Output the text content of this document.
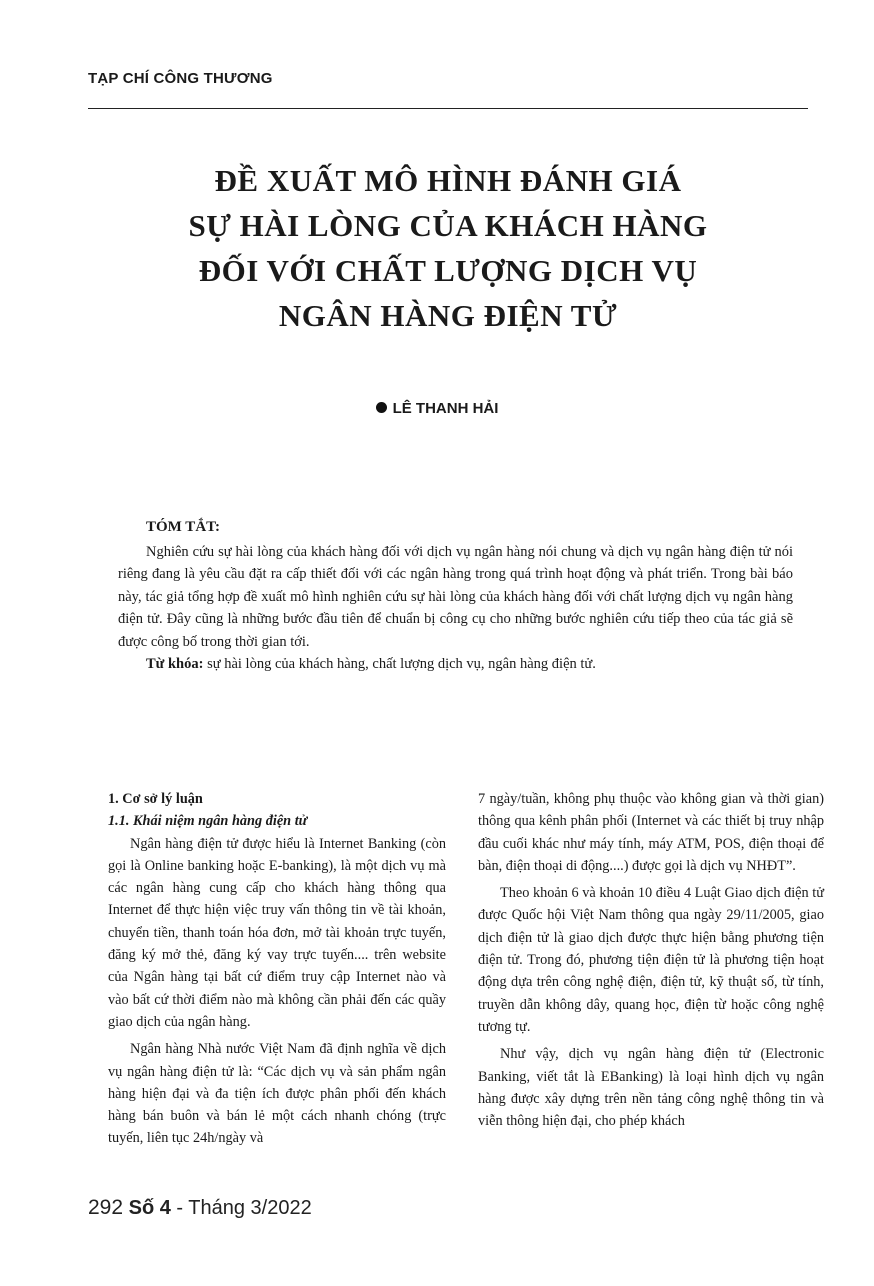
TẠP CHÍ CÔNG THƯƠNG
ĐỀ XUẤT MÔ HÌNH ĐÁNH GIÁ
SỰ HÀI LÒNG CỦA KHÁCH HÀNG
ĐỐI VỚI CHẤT LƯỢNG DỊCH VỤ
NGÂN HÀNG ĐIỆN TỬ
LÊ THANH HẢI
TÓM TẮT:

Nghiên cứu sự hài lòng của khách hàng đối với dịch vụ ngân hàng nói chung và dịch vụ ngân hàng điện tử nói riêng đang là yêu cầu đặt ra cấp thiết đối với các ngân hàng trong quá trình hoạt động và phát triển. Trong bài báo này, tác giả tổng hợp đề xuất mô hình nghiên cứu sự hài lòng của khách hàng đối với chất lượng dịch vụ ngân hàng điện tử. Đây cũng là những bước đầu tiên để chuẩn bị công cụ cho những bước nghiên cứu tiếp theo của tác giả sẽ được công bố trong thời gian tới.

Từ khóa: sự hài lòng của khách hàng, chất lượng dịch vụ, ngân hàng điện tử.

1. Cơ sở lý luận

1.1. Khái niệm ngân hàng điện tử

Ngân hàng điện tử được hiểu là Internet Banking (còn gọi là Online banking hoặc E-banking), là một dịch vụ mà các ngân hàng cung cấp cho khách hàng thông qua Internet để thực hiện việc truy vấn thông tin về tài khoản, chuyển tiền, thanh toán hóa đơn, mở tài khoản trực tuyến, đăng ký mở thẻ, đăng ký vay trực tuyến.... trên website của Ngân hàng tại bất cứ điểm truy cập Internet nào và vào bất cứ thời điểm nào mà không cần phải đến các quầy giao dịch của ngân hàng.

Ngân hàng Nhà nước Việt Nam đã định nghĩa về dịch vụ ngân hàng điện tử là: “Các dịch vụ và sản phẩm ngân hàng hiện đại và đa tiện ích được phân phối đến khách hàng bán buôn và bán lẻ một cách nhanh chóng (trực tuyến, liên tục 24h/ngày và

7 ngày/tuần, không phụ thuộc vào không gian và thời gian) thông qua kênh phân phối (Internet và các thiết bị truy nhập đầu cuối khác như máy tính, máy ATM, POS, điện thoại để bàn, điện thoại di động....) được gọi là dịch vụ NHĐT”.

Theo khoản 6 và khoản 10 điều 4 Luật Giao dịch điện tử được Quốc hội Việt Nam thông qua ngày 29/11/2005, giao dịch điện tử là giao dịch được thực hiện bằng phương tiện điện tử. Trong đó, phương tiện điện tử là phương tiện hoạt động dựa trên công nghệ điện, điện tử, kỹ thuật số, từ tính, truyền dẫn không dây, quang học, điện từ hoặc công nghệ tương tự.

Như vậy, dịch vụ ngân hàng điện tử (Electronic Banking, viết tắt là EBanking) là loại hình dịch vụ ngân hàng được xây dựng trên nền tảng công nghệ thông tin và viễn thông hiện đại, cho phép khách

292 Số 4 - Tháng 3/2022
